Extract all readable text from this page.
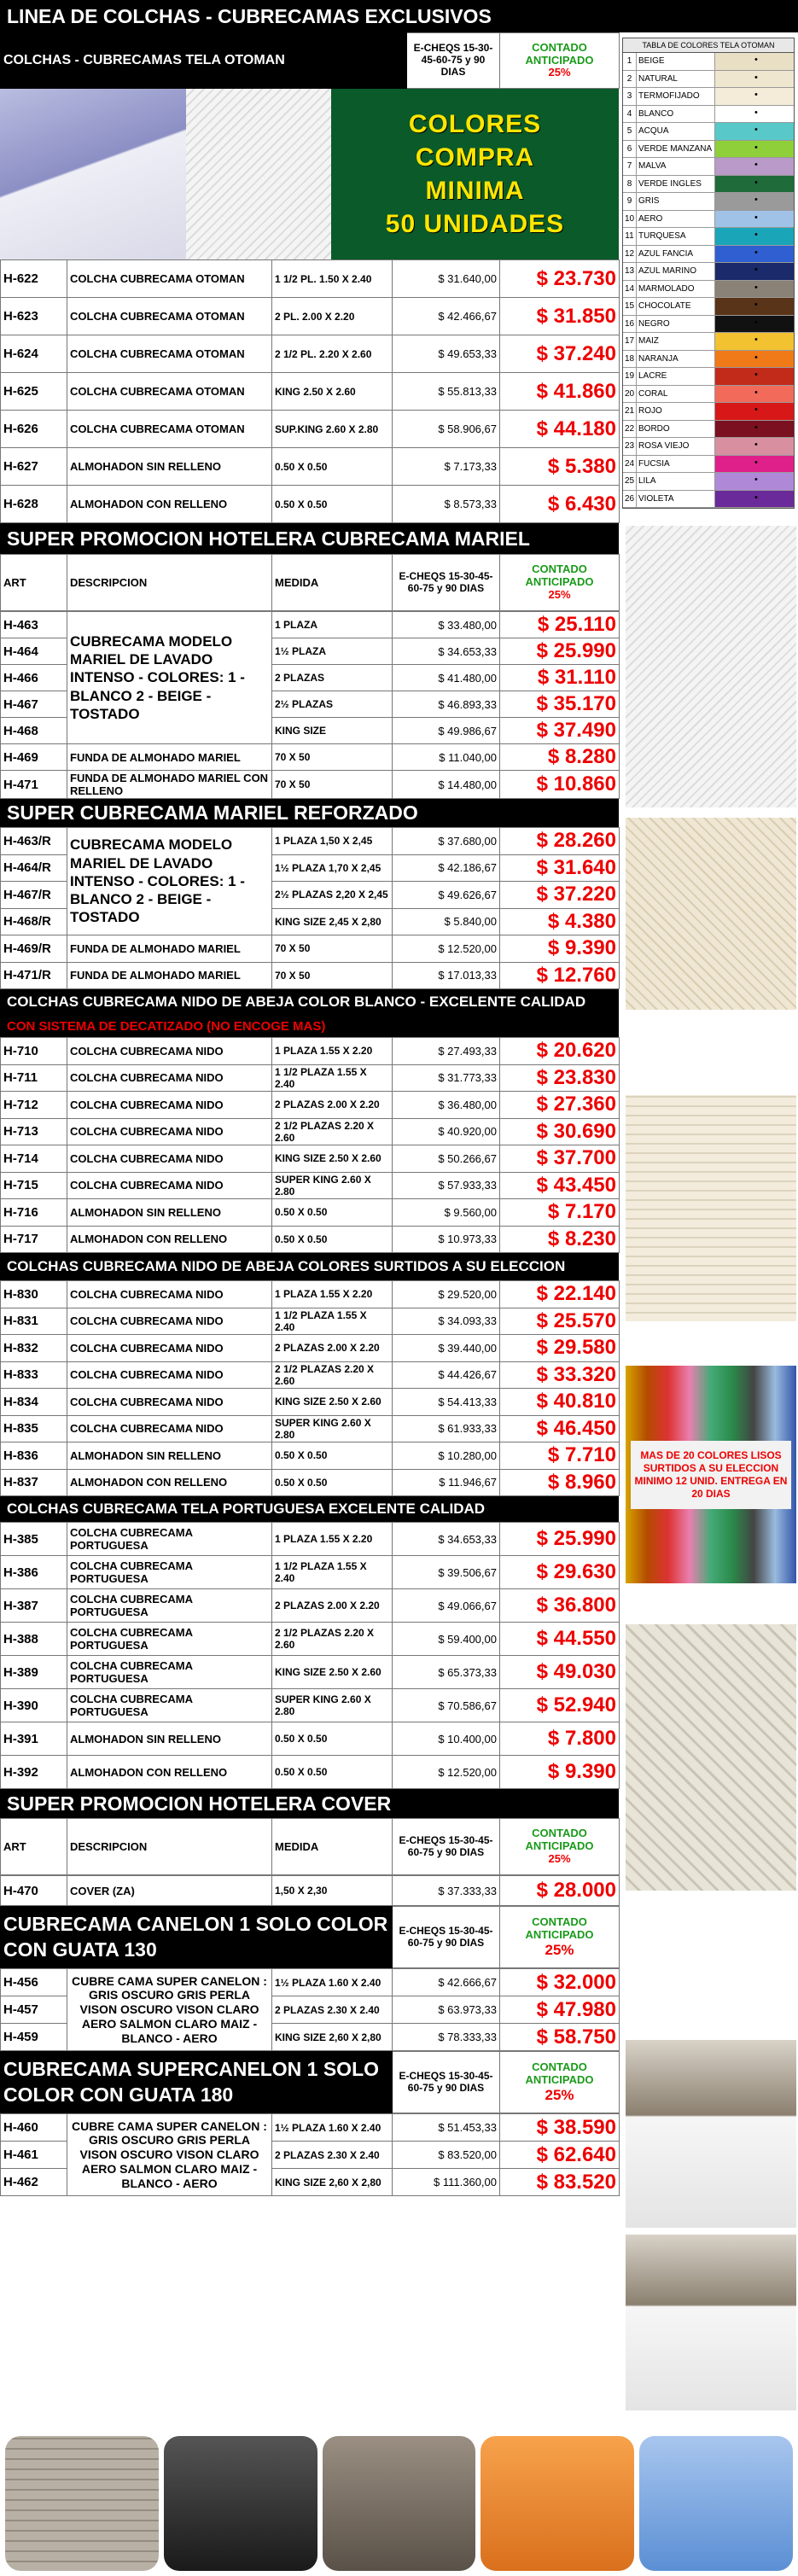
LINEA DE COLCHAS - CUBRECAMAS EXCLUSIVOS
COLCHAS - CUBRECAMAS TELA OTOMAN	E-CHEQS 15-30-45-60-75 y 90 DIAS	
CONTADO ANTICIPADO
25%
COLORES
COMPRA
MINIMA
50 UNIDADES
H-622	COLCHA CUBRECAMA OTOMAN	1 1/2 PL. 1.50 X 2.40	$ 31.640,00	$ 23.730
H-623	COLCHA CUBRECAMA OTOMAN	2 PL. 2.00 X 2.20	$ 42.466,67	$ 31.850
H-624	COLCHA CUBRECAMA OTOMAN	2 1/2 PL. 2.20 X 2.60	$ 49.653,33	$ 37.240
H-625	COLCHA CUBRECAMA OTOMAN	KING 2.50 X 2.60	$ 55.813,33	$ 41.860
H-626	COLCHA CUBRECAMA OTOMAN	SUP.KING 2.60 X 2.80	$ 58.906,67	$ 44.180
H-627	ALMOHADON SIN RELLENO	0.50 X 0.50	$ 7.173,33	$ 5.380
H-628	ALMOHADON CON RELLENO	0.50 X 0.50	$ 8.573,33	$ 6.430
SUPER PROMOCION HOTELERA CUBRECAMA MARIEL
ART	DESCRIPCION	MEDIDA	E-CHEQS 15-30-45-60-75 y 90 DIAS	
CONTADO ANTICIPADO
25%
H-463	CUBRECAMA MODELO MARIEL DE LAVADO INTENSO - COLORES: 1 - BLANCO 2 - BEIGE - TOSTADO	1 PLAZA	$ 33.480,00	$ 25.110
H-464		1½ PLAZA	$ 34.653,33	$ 25.990
H-466		2 PLAZAS	$ 41.480,00	$ 31.110
H-467		2½ PLAZAS	$ 46.893,33	$ 35.170
H-468		KING SIZE	$ 49.986,67	$ 37.490
H-469	FUNDA DE ALMOHADO MARIEL	70 X 50	$ 11.040,00	$ 8.280
H-471	FUNDA DE ALMOHADO MARIEL CON RELLENO	70 X 50	$ 14.480,00	$ 10.860
SUPER CUBRECAMA MARIEL REFORZADO
H-463/R	CUBRECAMA MODELO MARIEL DE LAVADO INTENSO - COLORES: 1 - BLANCO 2 - BEIGE - TOSTADO	1 PLAZA 1,50 X 2,45	$ 37.680,00	$ 28.260
H-464/R		1½ PLAZA 1,70 X 2,45	$ 42.186,67	$ 31.640
H-467/R		2½ PLAZAS 2,20 X 2,45	$ 49.626,67	$ 37.220
H-468/R		KING SIZE 2,45 X 2,80	$ 5.840,00	$ 4.380
H-469/R	FUNDA DE ALMOHADO MARIEL	70 X 50	$ 12.520,00	$ 9.390
H-471/R	FUNDA DE ALMOHADO MARIEL	70 X 50	$ 17.013,33	$ 12.760
COLCHAS CUBRECAMA NIDO DE ABEJA COLOR BLANCO - EXCELENTE CALIDAD
CON SISTEMA DE DECATIZADO (NO ENCOGE MAS)
H-710	COLCHA CUBRECAMA NIDO	1 PLAZA 1.55 X 2.20	$ 27.493,33	$ 20.620
H-711	COLCHA CUBRECAMA NIDO	1 1/2 PLAZA 1.55 X 2.40	$ 31.773,33	$ 23.830
H-712	COLCHA CUBRECAMA NIDO	2 PLAZAS 2.00 X 2.20	$ 36.480,00	$ 27.360
H-713	COLCHA CUBRECAMA NIDO	2 1/2 PLAZAS 2.20 X 2.60	$ 40.920,00	$ 30.690
H-714	COLCHA CUBRECAMA NIDO	KING SIZE 2.50 X 2.60	$ 50.266,67	$ 37.700
H-715	COLCHA CUBRECAMA NIDO	SUPER KING 2.60 X 2.80	$ 57.933,33	$ 43.450
H-716	ALMOHADON SIN RELLENO	0.50 X 0.50	$ 9.560,00	$ 7.170
H-717	ALMOHADON CON RELLENO	0.50 X 0.50	$ 10.973,33	$ 8.230
COLCHAS CUBRECAMA NIDO DE ABEJA COLORES SURTIDOS A SU ELECCION
H-830	COLCHA CUBRECAMA NIDO	1 PLAZA 1.55 X 2.20	$ 29.520,00	$ 22.140
H-831	COLCHA CUBRECAMA NIDO	1 1/2 PLAZA 1.55 X 2.40	$ 34.093,33	$ 25.570
H-832	COLCHA CUBRECAMA NIDO	2 PLAZAS 2.00 X 2.20	$ 39.440,00	$ 29.580
H-833	COLCHA CUBRECAMA NIDO	2 1/2 PLAZAS 2.20 X 2.60	$ 44.426,67	$ 33.320
H-834	COLCHA CUBRECAMA NIDO	KING SIZE 2.50 X 2.60	$ 54.413,33	$ 40.810
H-835	COLCHA CUBRECAMA NIDO	SUPER KING 2.60 X 2.80	$ 61.933,33	$ 46.450
H-836	ALMOHADON SIN RELLENO	0.50 X 0.50	$ 10.280,00	$ 7.710
H-837	ALMOHADON CON RELLENO	0.50 X 0.50	$ 11.946,67	$ 8.960
COLCHAS CUBRECAMA TELA PORTUGUESA EXCELENTE CALIDAD
H-385	COLCHA CUBRECAMA PORTUGUESA	1 PLAZA 1.55 X 2.20	$ 34.653,33	$ 25.990
H-386	COLCHA CUBRECAMA PORTUGUESA	1 1/2 PLAZA 1.55 X 2.40	$ 39.506,67	$ 29.630
H-387	COLCHA CUBRECAMA PORTUGUESA	2 PLAZAS 2.00 X 2.20	$ 49.066,67	$ 36.800
H-388	COLCHA CUBRECAMA PORTUGUESA	2 1/2 PLAZAS 2.20 X 2.60	$ 59.400,00	$ 44.550
H-389	COLCHA CUBRECAMA PORTUGUESA	KING SIZE 2.50 X 2.60	$ 65.373,33	$ 49.030
H-390	COLCHA CUBRECAMA PORTUGUESA	SUPER KING 2.60 X 2.80	$ 70.586,67	$ 52.940
H-391	ALMOHADON SIN RELLENO	0.50 X 0.50	$ 10.400,00	$ 7.800
H-392	ALMOHADON CON RELLENO	0.50 X 0.50	$ 12.520,00	$ 9.390
SUPER PROMOCION HOTELERA COVER
ART	DESCRIPCION	MEDIDA	E-CHEQS 15-30-45-60-75 y 90 DIAS	
CONTADO ANTICIPADO
25%
H-470	COVER (ZA)	1,50 X 2,30	$ 37.333,33	$ 28.000
CUBRECAMA CANELON 1 SOLO COLOR CON GUATA 130	E-CHEQS 15-30-45-60-75 y 90 DIAS	
CONTADO ANTICIPADO
25%
H-456	CUBRE CAMA SUPER CANELON : GRIS OSCURO GRIS PERLA VISON OSCURO VISON CLARO AERO SALMON CLARO MAIZ - BLANCO - AERO	1½ PLAZA 1.60 X 2.40	$ 42.666,67	$ 32.000
H-457		2 PLAZAS 2.30 X 2.40	$ 63.973,33	$ 47.980
H-459		KING SIZE 2,60 X 2,80	$ 78.333,33	$ 58.750
CUBRECAMA SUPERCANELON 1 SOLO COLOR CON GUATA 180	E-CHEQS 15-30-45-60-75 y 90 DIAS	
CONTADO ANTICIPADO
25%
H-460	CUBRE CAMA SUPER CANELON : GRIS OSCURO GRIS PERLA VISON OSCURO VISON CLARO AERO SALMON CLARO MAIZ - BLANCO - AERO	1½ PLAZA 1.60 X 2.40	$ 51.453,33	$ 38.590
H-461		2 PLAZAS 2.30 X 2.40	$ 83.520,00	$ 62.640
H-462		KING SIZE 2,60 X 2,80	$ 111.360,00	$ 83.520
TABLA DE COLORES TELA OTOMAN
1 BEIGE
•
2 NATURAL
•
3 TERMOFIJADO
•
4 BLANCO
•
5 ACQUA
•
6 VERDE MANZANA
•
7 MALVA
•
8 VERDE INGLES
•
9 GRIS
•
10 AERO
•
11 TURQUESA
•
12 AZUL FANCIA
•
13 AZUL MARINO
•
14 MARMOLADO
•
15 CHOCOLATE
•
16 NEGRO
•
17 MAIZ
•
18 NARANJA
•
19 LACRE
•
20 CORAL
•
21 ROJO
•
22 BORDO
•
23 ROSA VIEJO
•
24 FUCSIA
•
25 LILA
•
26 VIOLETA
•
MAS DE 20 COLORES LISOS SURTIDOS A SU ELECCION MINIMO 12 UNID. ENTREGA EN 20 DIAS
